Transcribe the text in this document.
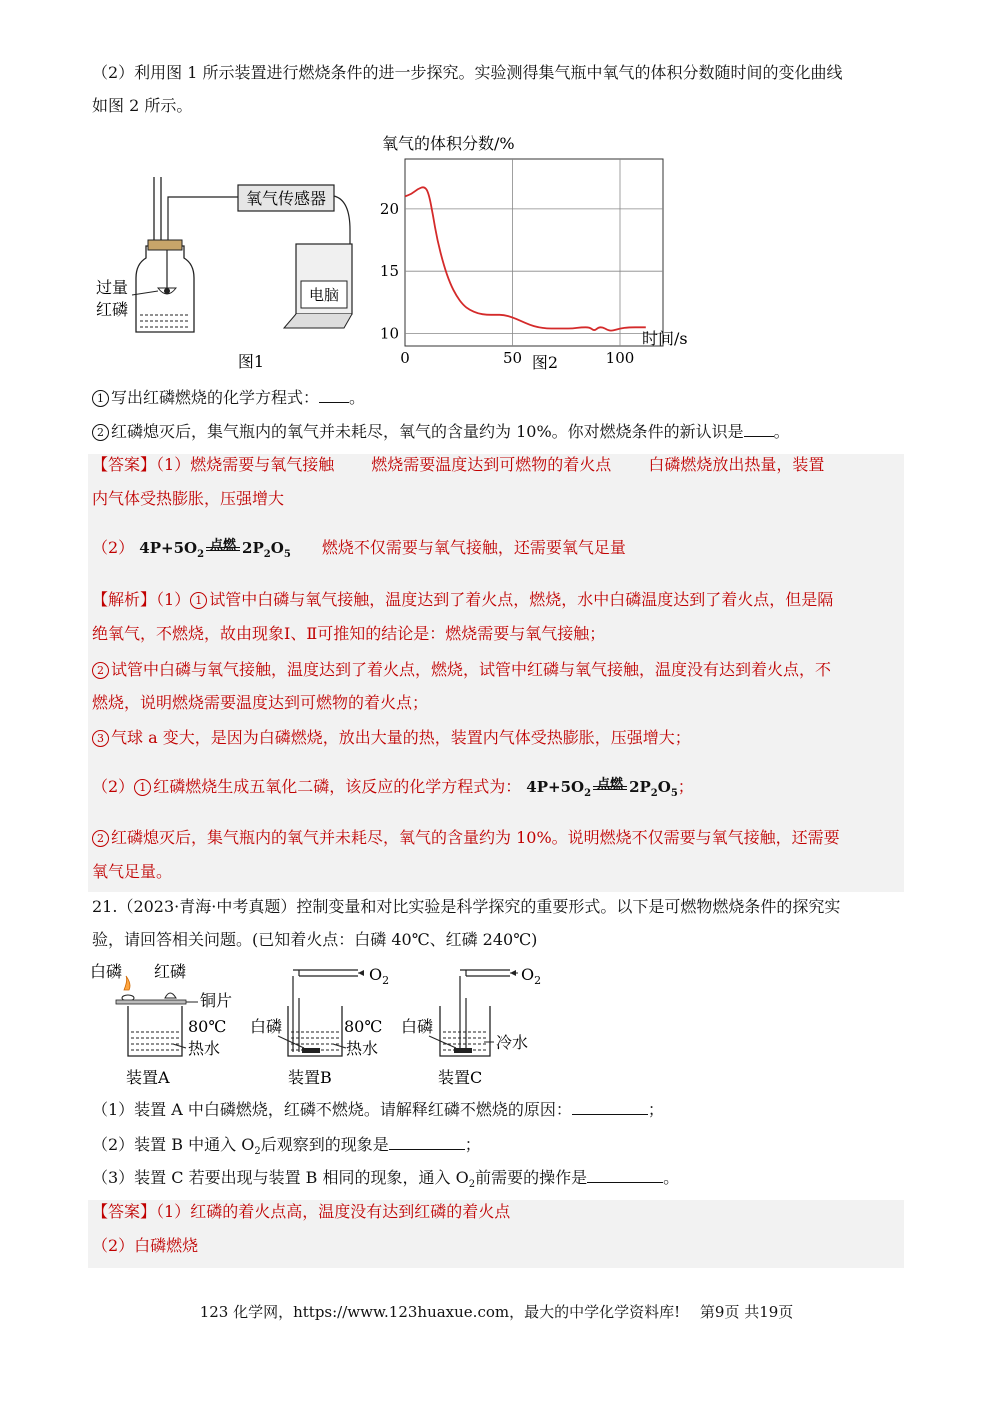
（2）利用图 1 所示装置进行燃烧条件的进一步探究。实验测得集气瓶中氧气的体积分数随时间的变化曲线
如图 2 所示。
氧气传感器
电脑
过量
红磷
图1
氧气的体积分数/%
0	50	100
10
15
20
时间/s
图2
1 写出红磷燃烧的化学方程式： 。
2 红磷熄灭后，集气瓶内的氧气并未耗尽，氧气的含量约为 10%。你对燃烧条件的新认识是 。
【答案】（1）燃烧需要与氧气接触　　 燃烧需要温度达到可燃物的着火点　　 白磷燃烧放出热量，装置
内气体受热膨胀，压强增大
（2） $4P+5O_2$
点燃 $2P_2O_5$ 燃烧不仅需要与氧气接触，还需要氧气足量
【解析】（1） 1 试管中白磷与氧气接触，温度达到了着火点，燃烧，水中白磷温度达到了着火点，但是隔
绝氧气，不燃烧，故由现象Ⅰ、Ⅱ可推知的结论是：燃烧需要与氧气接触；
2 试管中白磷与氧气接触，温度达到了着火点，燃烧，试管中红磷与氧气接触，温度没有达到着火点，不
燃烧，说明燃烧需要温度达到可燃物的着火点；
3 气球 a 变大，是因为白磷燃烧，放出大量的热，装置内气体受热膨胀，压强增大；
（2） 1 红磷燃烧生成五氧化二磷，该反应的化学方程式为： $4P+5O_2$
点燃 $2P_2O_5$；
2 红磷熄灭后，集气瓶内的氧气并未耗尽，氧气的含量约为 10%。说明燃烧不仅需要与氧气接触，还需要
氧气足量。
21.（2023·青海·中考真题）控制变量和对比实验是科学探究的重要形式。以下是可燃物燃烧条件的探究实
验，请回答相关问题。(已知着火点：白磷 40℃、红磷 240℃)
白磷 红磷
铜片
80℃
热水
装置A
$O_2$
白磷	80℃
热水
装置B
$O_2$
白磷
冷水
装置C
（1）装置 A 中白磷燃烧，红磷不燃烧。请解释红磷不燃烧的原因：	；
（2）装置 B 中通入 $O_2$后观察到的现象是	；
（3）装置 C 若要出现与装置 B 相同的现象，通入 $O_2$前需要的操作是	。
【答案】（1）红磷的着火点高，温度没有达到红磷的着火点
（2）白磷燃烧
123 化学网，https://www.123huaxue.com，最大的中学化学资料库!　 第9页 共19页
